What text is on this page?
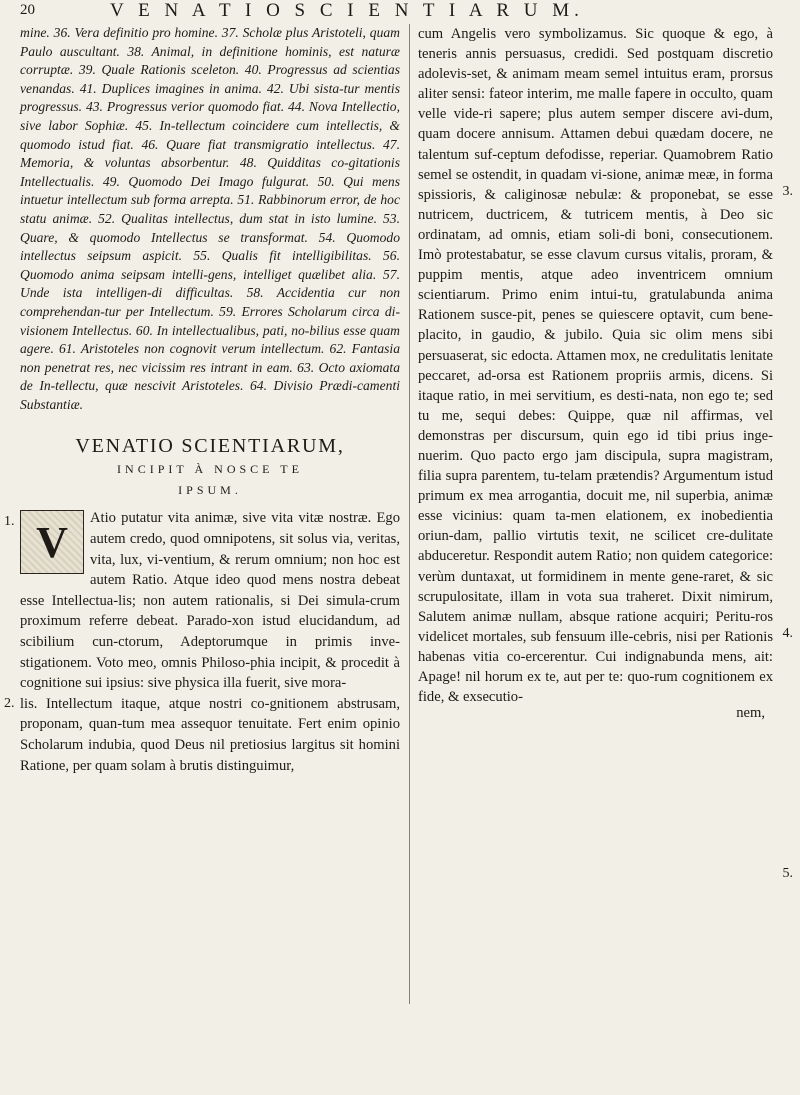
20	V E N A T I O S C I E N T I A R U M.

mine. 36. Vera definitio pro homine. 37. Scholæ plus Aristoteli, quam Paulo auscultant. 38. Animal, in definitione hominis, est naturæ corruptæ. 39. Quale Rationis sceleton. 40. Progressus ad scientias venandas. 41. Duplices imagines in anima. 42. Ubi sista-tur mentis progressus. 43. Progressus verior quomodo fiat. 44. Nova Intellectio, sive labor Sophiæ. 45. In-tellectum coincidere cum intellectis, & quomodo istud fiat. 46. Quare fiat transmigratio intellectus. 47. Memoria, & voluntas absorbentur. 48. Quidditas co-gitationis Intellectualis. 49. Quomodo Dei Imago fulgurat. 50. Qui mens intuetur intellectum sub forma arrepta. 51. Rabbinorum error, de hoc statu animæ. 52. Qualitas intellectus, dum stat in isto lumine. 53. Quare, & quomodo Intellectus se transformat. 54. Quomodo intellectus seipsum aspicit. 55. Qualis fit intelligibilitas. 56. Quomodo anima seipsam intelli-gens, intelliget quælibet alia. 57. Unde ista intelligen-di difficultas. 58. Accidentia cur non comprehendan-tur per Intellectum. 59. Errores Scholarum circa di-visionem Intellectus. 60. In intellectualibus, pati, no-bilius esse quam agere. 61. Aristoteles non cognovit verum intellectum. 62. Fantasia non penetrat res, nec vicissim res intrant in eam. 63. Octo axiomata de In-tellectu, quæ nescivit Aristoteles. 64. Divisio Prædi-camenti Substantiæ.

VENATIO SCIENTIARUM,
INCIPIT À NOSCE TE
IPSUM.
1. V	Atio putatur vita animæ, sive vita vitæ nostræ. Ego autem credo, quod omnipotens, sit solus via, veritas, vita, lux, vi-ventium, & rerum omnium; non hoc est autem Ratio. Atque ideo quod mens nostra debeat esse Intellectua-lis; non autem rationalis, si Dei simula-crum proximum referre debeat. Parado-xon istud elucidandum, ad scibilium cun-ctorum, Adeptorumque in primis inve-stigationem. Voto meo, omnis Philoso-phia incipit, & procedit à cognitione sui ipsius: sive physica illa fuerit, sive mora-

2. lis. Intellectum itaque, atque nostri co-gnitionem abstrusam, proponam, quan-tum mea assequor tenuitate. Fert enim opinio Scholarum indubia, quod Deus nil pretiosius largitus sit homini Ratione, per quam solam à brutis distinguimur,

3.
4.
5.

cum Angelis vero symbolizamus. Sic quoque & ego, à teneris annis persuasus, credidi. Sed postquam discretio adolevis-set, & animam meam semel intuitus eram, prorsus aliter sensi: fateor interim, me malle fapere in occulto, quam velle vide-ri sapere; plus autem semper discere avi-dum, quam docere annisum. Attamen debui quædam docere, ne talentum suf-ceptum defodisse, reperiar. Quamobrem Ratio semel se ostendit, in quadam vi-sione, animæ meæ, in forma spissioris, & caliginosæ nebulæ: & proponebat, se esse nutricem, ductricem, & tutricem mentis, à Deo sic ordinatam, ad omnis, etiam soli-di boni, consecutionem. Imò protestabatur, se esse clavum cursus vitalis, proram, & puppim mentis, atque adeo inventricem omnium scientiarum. Primo enim intui-tu, gratulabunda anima Rationem susce-pit, penes se quiescere optavit, cum bene-placito, in gaudio, & jubilo. Quia sic olim mens sibi persuaserat, sic edocta. Attamen mox, ne credulitatis lenitate peccaret, ad-orsa est Rationem propriis armis, dicens. Si itaque ratio, in mei servitium, es desti-nata, non ego te; sed tu me, sequi debes: Quippe, quæ nil affirmas, vel demonstras per discursum, quin ego id tibi prius inge-nuerim. Quo pacto ergo jam discipula, supra magistram, filia supra parentem, tu-telam prætendis? Argumentum istud primum ex mea arrogantia, docuit me, nil superbia, animæ esse vicinius: quam ta-men elationem, ex inobedientia oriun-dam, pallio virtutis texit, ne scilicet cre-dulitate abduceretur. Respondit autem Ratio; non quidem categorice: verùm duntaxat, ut formidinem in mente gene-raret, & sic scrupulositate, illam in vota sua traheret. Dixit nimirum, Salutem animæ nullam, absque ratione acquiri; Peritu-ros videlicet mortales, sub fensuum ille-cebris, nisi per Rationis habenas vitia co-ercerentur. Cui indignabunda mens, ait: Apage! nil horum ex te, aut per te: quo-rum cognitionem ex fide, & exsecutio-

nem,
